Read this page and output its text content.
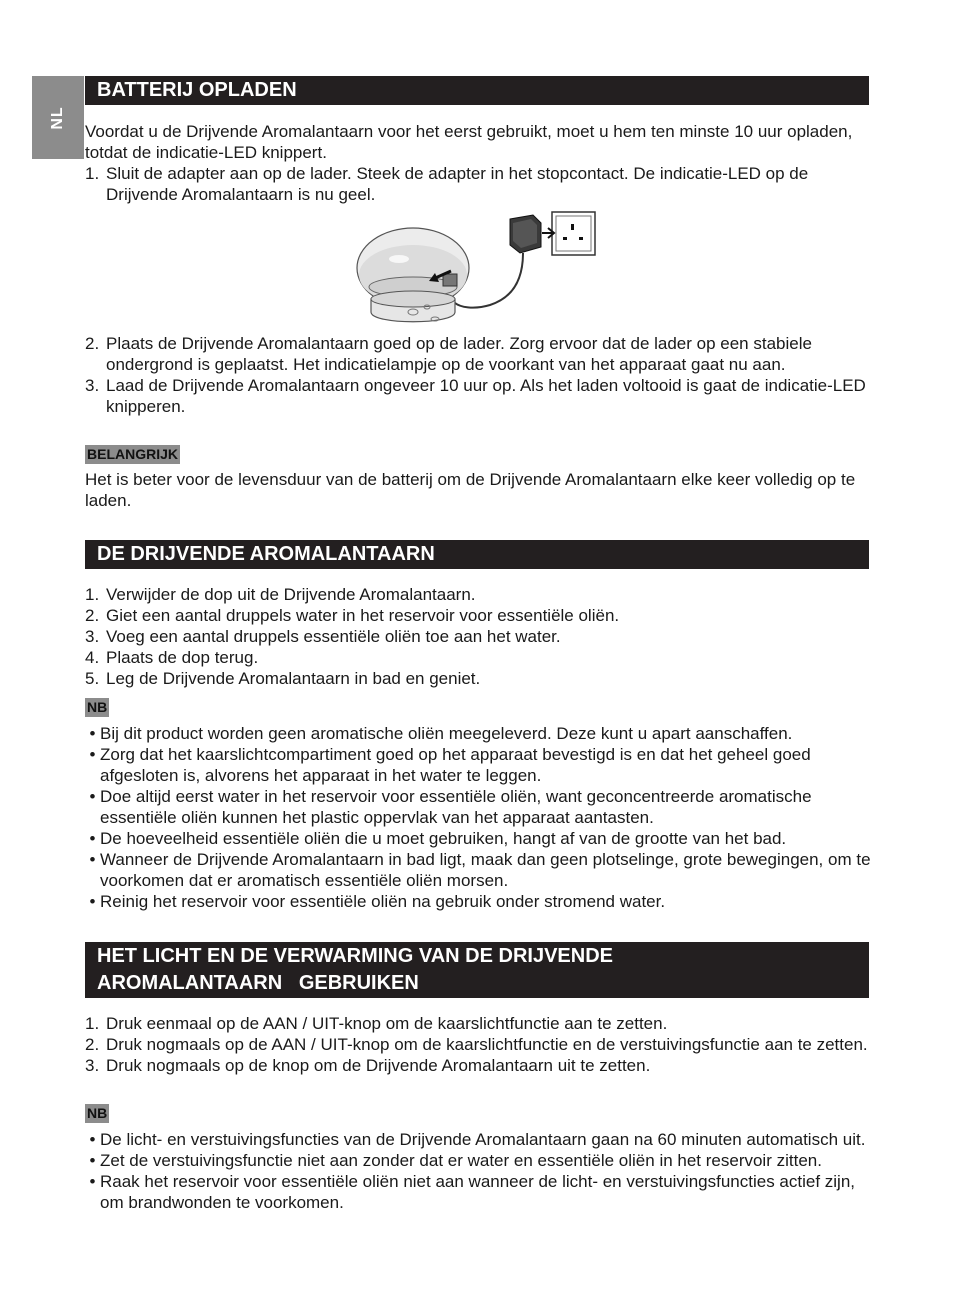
NL
BATTERIJ OPLADEN

Voordat u de Drijvende Aromalantaarn voor het eerst gebruikt, moet u hem ten minste 10 uur opladen, totdat de indicatie-LED knippert.

1. Sluit de adapter aan op de lader. Steek de adapter in het stopcontact. De indicatie-LED op de Drijvende Aromalantaarn is nu geel.
2. Plaats de Drijvende Aromalantaarn goed op de lader. Zorg ervoor dat de lader op een stabiele ondergrond is geplaatst. Het indicatielampje op de voorkant van het apparaat gaat nu aan.
3. Laad de Drijvende Aromalantaarn ongeveer 10 uur op. Als het laden voltooid is gaat de indicatie-LED knipperen.
BELANGRIJK
Het is beter voor de levensduur van de batterij om de Drijvende Aromalantaarn elke keer volledig op te laden.
DE DRIJVENDE AROMALANTAARN
1. Verwijder de dop uit de Drijvende Aromalantaarn.
2. Giet een aantal druppels water in het reservoir voor essentiële oliën.
3. Voeg een aantal druppels essentiële oliën toe aan het water.
4. Plaats de dop terug.
5. Leg de Drijvende Aromalantaarn in bad en geniet.
NB
• Bij dit product worden geen aromatische oliën meegeleverd. Deze kunt u apart aanschaffen.
• Zorg dat het kaarslichtcompartiment goed op het apparaat bevestigd is en dat het geheel goed afgesloten is, alvorens het apparaat in het water te leggen.
• Doe altijd eerst water in het reservoir voor essentiële oliën, want geconcentreerde aromatische essentiële oliën kunnen het plastic oppervlak van het apparaat aantasten.
• De hoeveelheid essentiële oliën die u moet gebruiken, hangt af van de grootte van het bad.
• Wanneer de Drijvende Aromalantaarn in bad ligt, maak dan geen plotselinge, grote bewegingen, om te voorkomen dat er aromatisch essentiële oliën morsen.
• Reinig het reservoir voor essentiële oliën na gebruik onder stromend water.
HET LICHT EN DE VERWARMING VAN DE DRIJVENDE
AROMALANTAARN   GEBRUIKEN
1. Druk eenmaal op de AAN / UIT-knop om de kaarslichtfunctie aan te zetten.
2. Druk nogmaals op de AAN / UIT-knop om de kaarslichtfunctie en de verstuivingsfunctie aan te zetten.
3. Druk nogmaals op de knop om de Drijvende Aromalantaarn uit te zetten.
NB
• De licht- en verstuivingsfuncties van de Drijvende Aromalantaarn gaan na 60 minuten automatisch uit.
• Zet de verstuivingsfunctie niet aan zonder dat er water en essentiële oliën in het reservoir zitten.
• Raak het reservoir voor essentiële oliën niet aan wanneer de licht- en verstuivingsfuncties actief zijn, om brandwonden te voorkomen.
